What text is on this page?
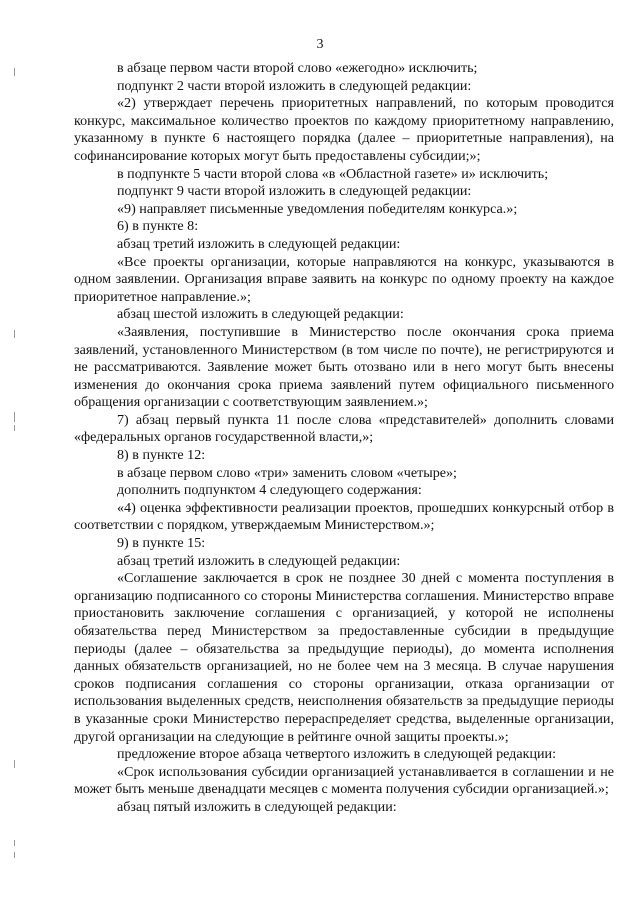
3

в абзаце первом части второй слово «ежегодно» исключить;

подпункт 2 части второй изложить в следующей редакции:

«2) утверждает перечень приоритетных направлений, по которым проводится конкурс, максимальное количество проектов по каждому приоритетному направлению, указанному в пункте 6 настоящего порядка (далее – приоритетные направления), на софинансирование которых могут быть предоставлены субсидии;»;

в подпункте 5 части второй слова «в «Областной газете» и» исключить;

подпункт 9 части второй изложить в следующей редакции:

«9) направляет письменные уведомления победителям конкурса.»;

6) в пункте 8:

абзац третий изложить в следующей редакции:

«Все проекты организации, которые направляются на конкурс, указываются в одном заявлении. Организация вправе заявить на конкурс по одному проекту на каждое приоритетное направление.»;

абзац шестой изложить в следующей редакции:

«Заявления, поступившие в Министерство после окончания срока приема заявлений, установленного Министерством (в том числе по почте), не регистрируются и не рассматриваются. Заявление может быть отозвано или в него могут быть внесены изменения до окончания срока приема заявлений путем официального письменного обращения организации с соответствующим заявлением.»;

7) абзац первый пункта 11 после слова «представителей» дополнить словами «федеральных органов государственной власти,»;

8) в пункте 12:

в абзаце первом слово «три» заменить словом «четыре»;

дополнить подпунктом 4 следующего содержания:

«4) оценка эффективности реализации проектов, прошедших конкурсный отбор в соответствии с порядком, утверждаемым Министерством.»;

9) в пункте 15:

абзац третий изложить в следующей редакции:

«Соглашение заключается в срок не позднее 30 дней с момента поступления в организацию подписанного со стороны Министерства соглашения. Министерство вправе приостановить заключение соглашения с организацией, у которой не исполнены обязательства перед Министерством за предоставленные субсидии в предыдущие периоды (далее – обязательства за предыдущие периоды), до момента исполнения данных обязательств организацией, но не более чем на 3 месяца. В случае нарушения сроков подписания соглашения со стороны организации, отказа организации от использования выделенных средств, неисполнения обязательств за предыдущие периоды в указанные сроки Министерство перераспределяет средства, выделенные организации, другой организации на следующие в рейтинге очной защиты проекты.»;

предложение второе абзаца четвертого изложить в следующей редакции:

«Срок использования субсидии организацией устанавливается в соглашении и не может быть меньше двенадцати месяцев с момента получения субсидии организацией.»;

абзац пятый изложить в следующей редакции:
